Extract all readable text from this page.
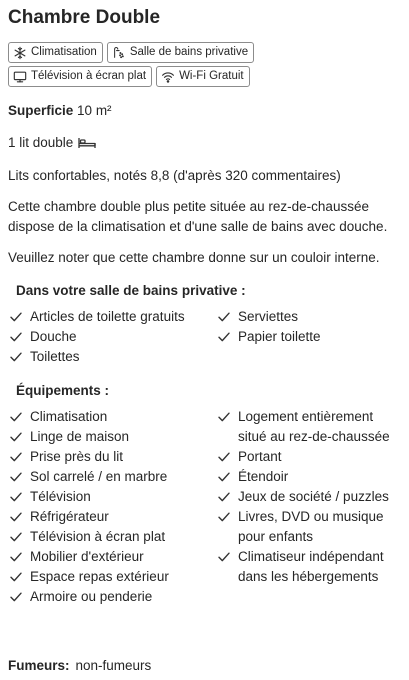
Chambre Double
Climatisation	Salle de bains privative
Télévision à écran plat	Wi-Fi Gratuit

Superficie 10 m²

1 lit double

Lits confortables, notés 8,8 (d'après 320 commentaires)

Cette chambre double plus petite située au rez-de-chaussée dispose de la climatisation et d'une salle de bains avec douche.

Veuillez noter que cette chambre donne sur un couloir interne.

Dans votre salle de bains privative :
Articles de toilette gratuits
Douche
Toilettes
Serviettes
Papier toilette
Équipements :
Climatisation
Linge de maison
Prise près du lit
Sol carrelé / en marbre
Télévision
Réfrigérateur
Télévision à écran plat
Mobilier d'extérieur
Espace repas extérieur
Armoire ou penderie
Logement entièrement situé au rez-de-chaussée
Portant
Étendoir
Jeux de société / puzzles
Livres, DVD ou musique pour enfants
Climatiseur indépendant dans les hébergements

Fumeurs: non-fumeurs
